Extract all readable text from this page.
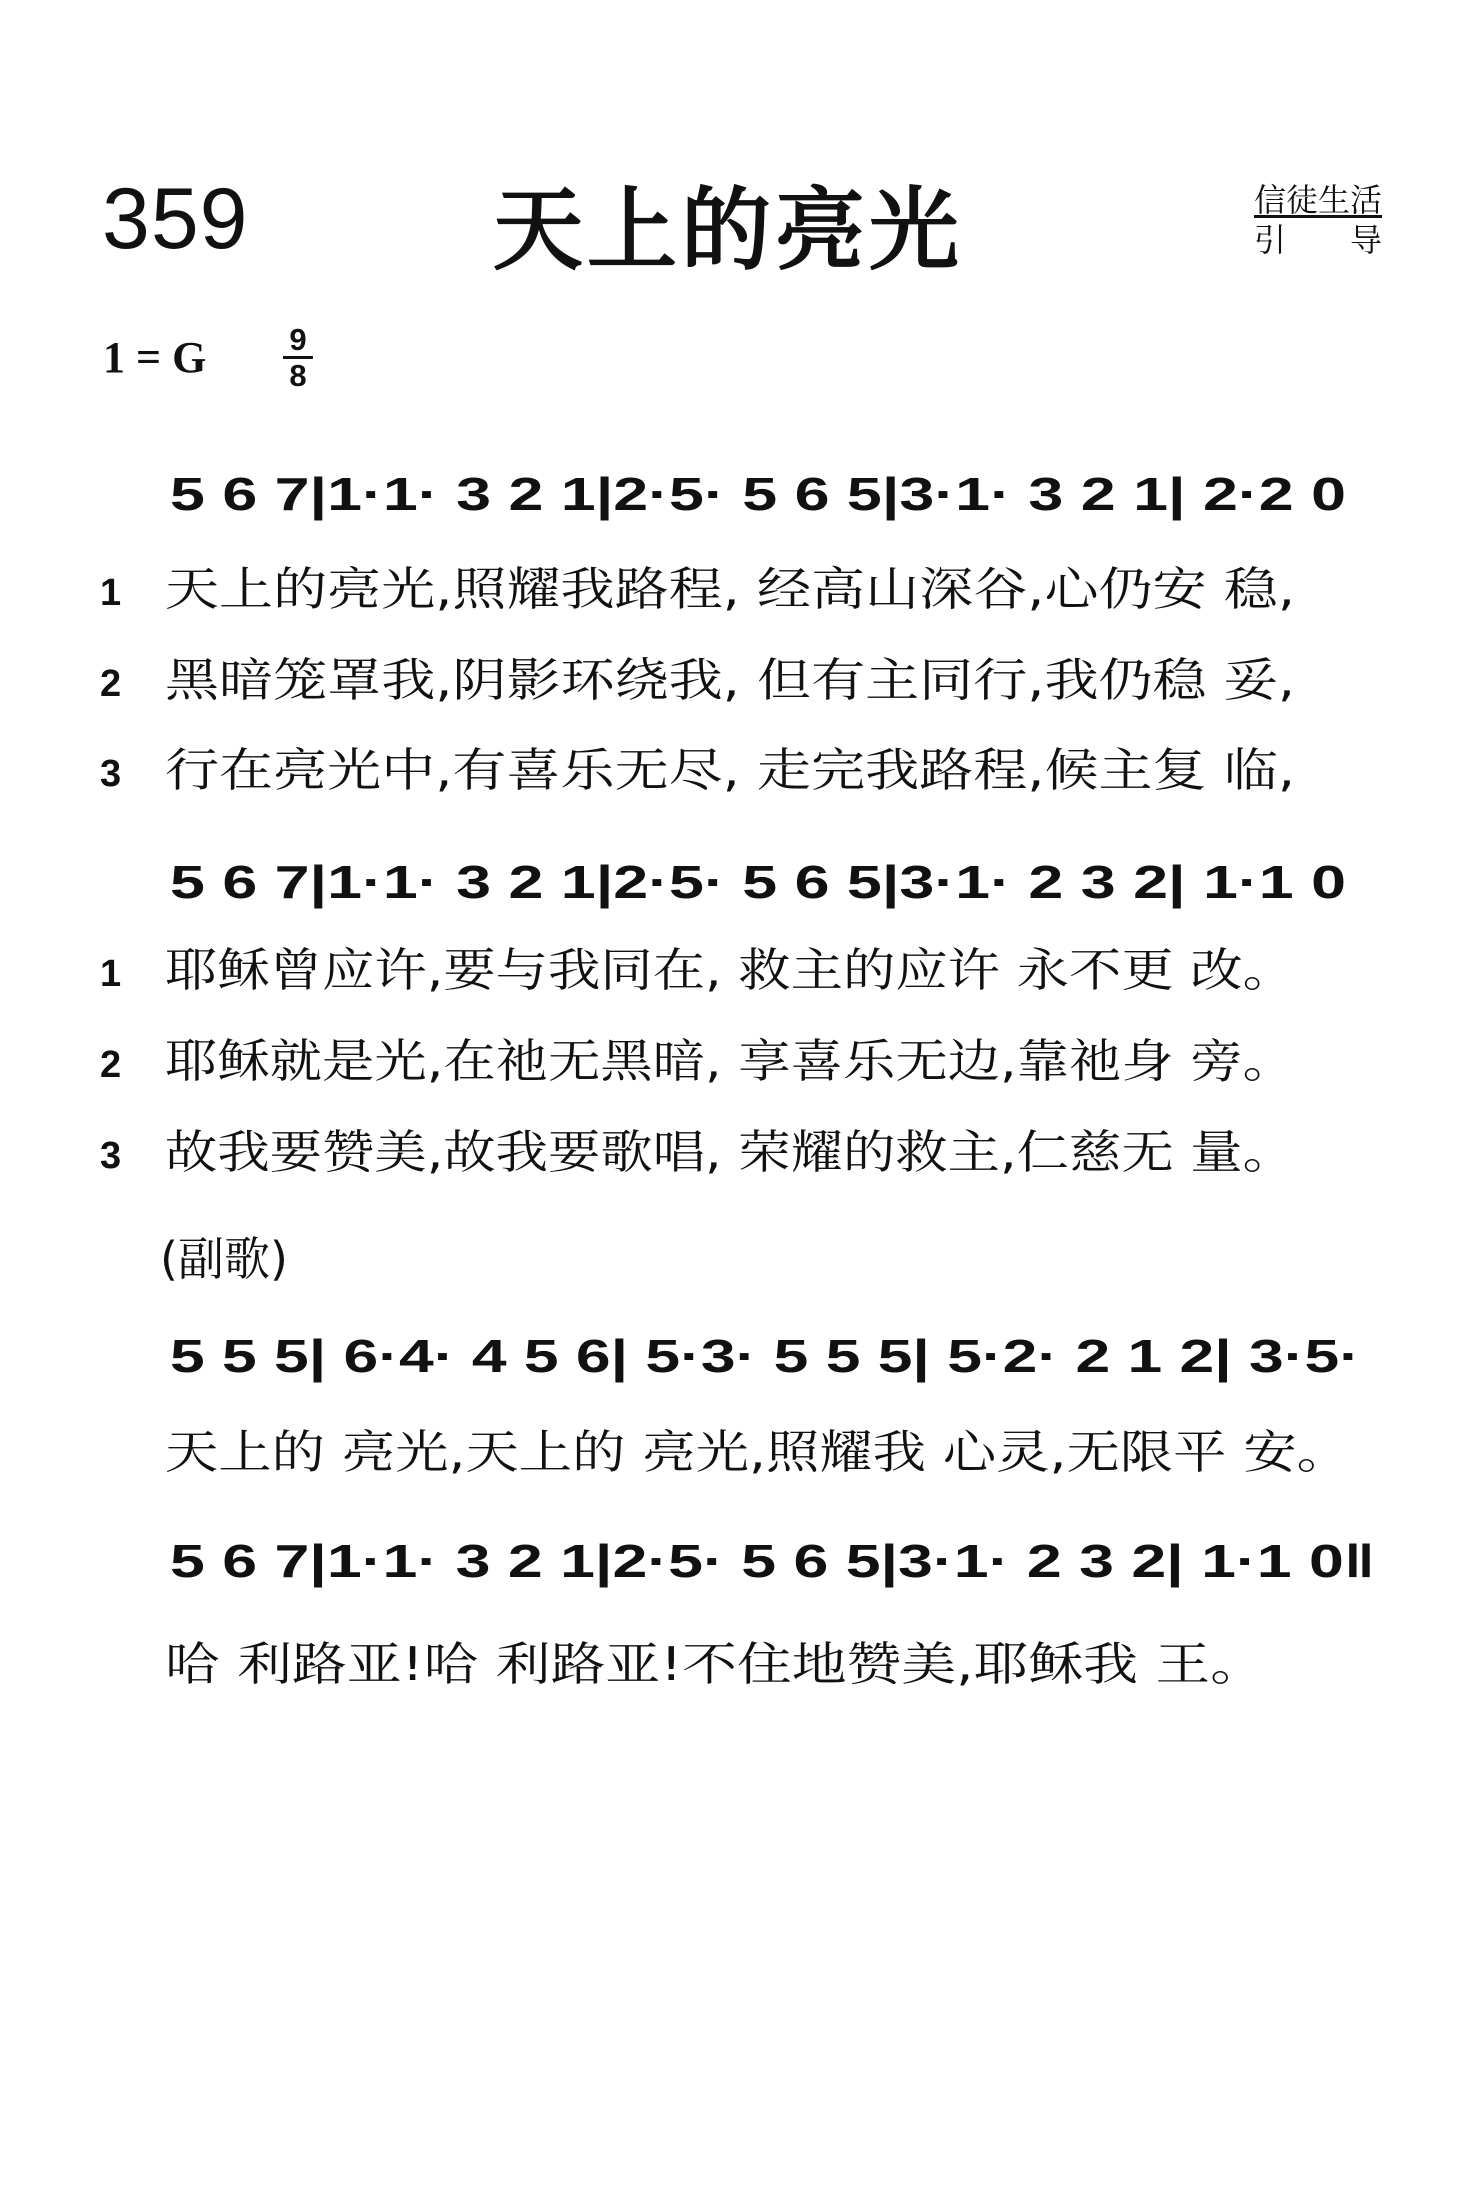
359	天上的亮光	信徒生活
引 导
1 = G $\frac{9}{8}$
5 6 7|1·1· 3 2 1|2·5· 5 6 5|3·1· 3 2 1| 2·2 0
1 天上的亮光,照耀我路程, 经高山深谷,心仍安 稳,
2 黑暗笼罩我,阴影环绕我, 但有主同行,我仍稳 妥,
3 行在亮光中,有喜乐无尽, 走完我路程,候主复 临,
5 6 7|1·1· 3 2 1|2·5· 5 6 5|3·1· 2 3 2| 1·1 0
1 耶稣曾应许,要与我同在, 救主的应许 永不更 改。
2 耶稣就是光,在祂无黑暗, 享喜乐无边,靠祂身 旁。
3 故我要赞美,故我要歌唱, 荣耀的救主,仁慈无 量。
(副歌)
5 5 5| 6·4· 4 5 6| 5·3· 5 5 5| 5·2· 2 1 2| 3·5·
天上的 亮光,天上的 亮光,照耀我 心灵,无限平 安。
5 6 7|1·1· 3 2 1|2·5· 5 6 5|3·1· 2 3 2| 1·1 0‖
哈 利路亚!哈 利路亚!不住地赞美,耶稣我 王。
